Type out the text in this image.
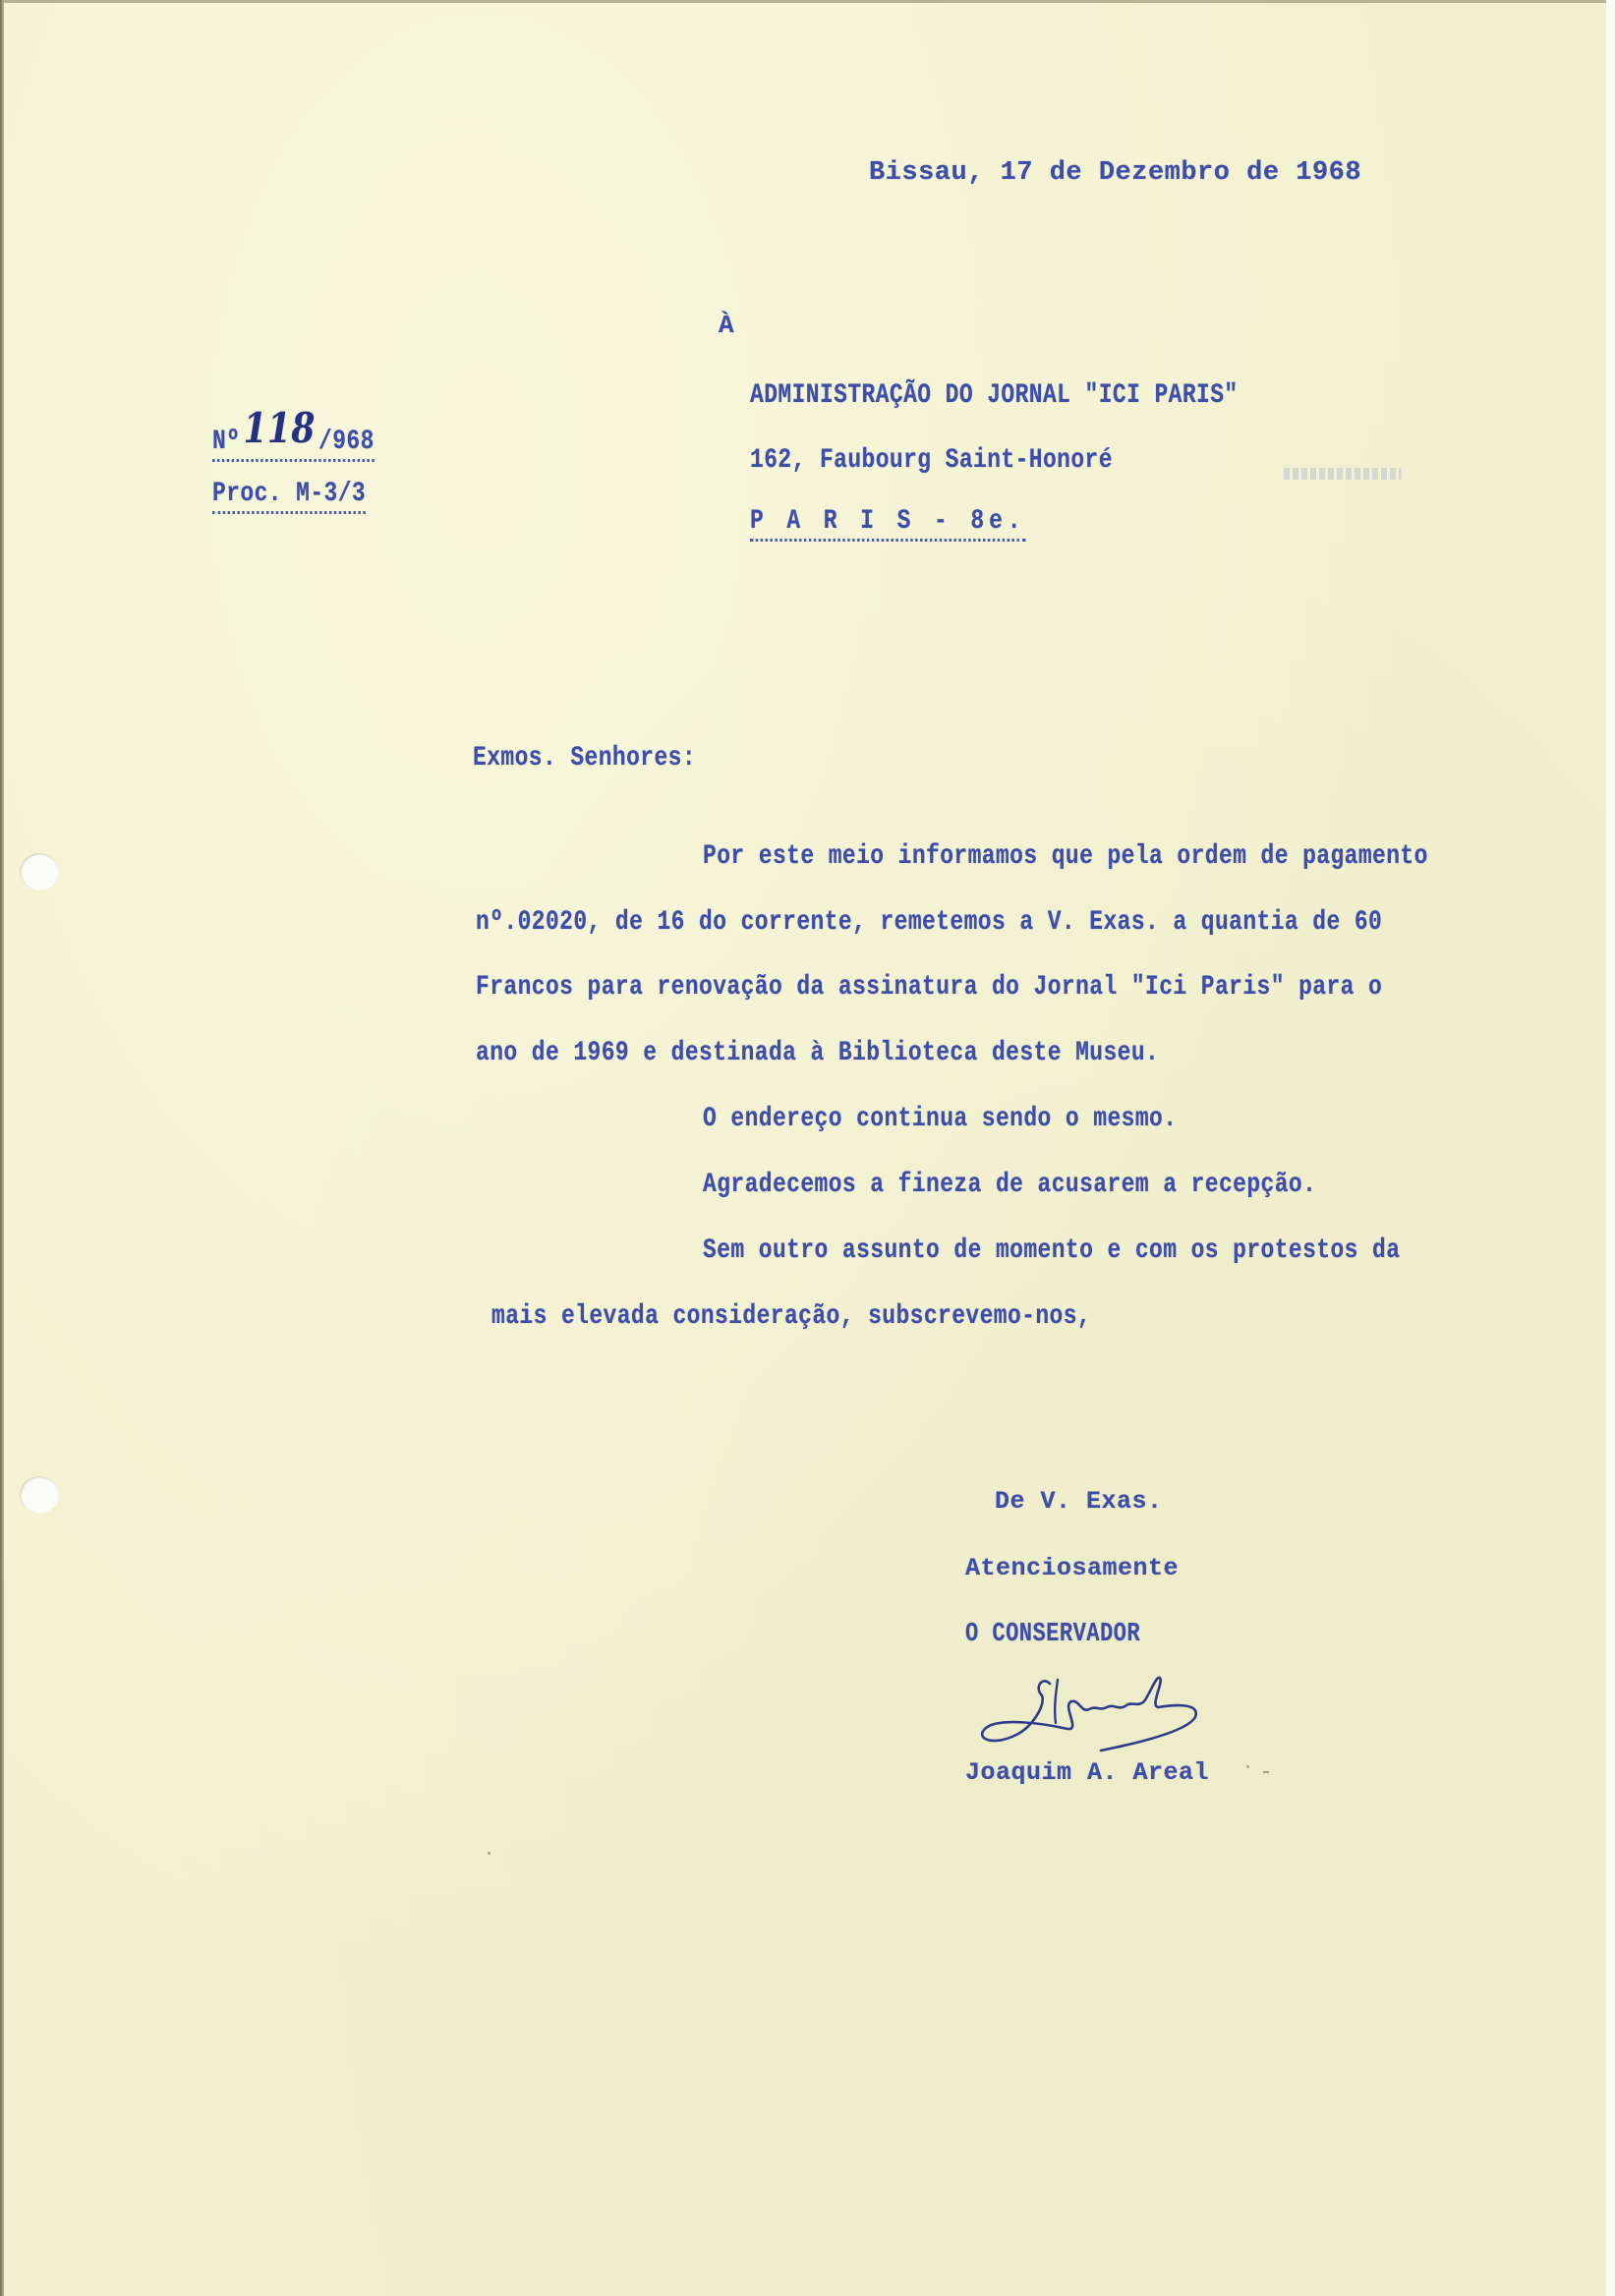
Bissau, 17 de Dezembro de 1968
À
Nº118 /968
Proc. M-3/3
ADMINISTRAÇÃO DO JORNAL "ICI PARIS"
162, Faubourg Saint-Honoré
P A R I S - 8e.
Exmos. Senhores:
Por este meio informamos que pela ordem de pagamento
nº.02020, de 16 do corrente, remetemos a V. Exas. a quantia de 60
Francos para renovação da assinatura do Jornal "Ici Paris" para o
ano de 1969 e destinada à Biblioteca deste Museu.
O endereço continua sendo o mesmo.
Agradecemos a fineza de acusarem a recepção.
Sem outro assunto de momento e com os protestos da
mais elevada consideração, subscrevemo-nos,
De V. Exas.
Atenciosamente
O CONSERVADOR
Joaquim A. Areal
